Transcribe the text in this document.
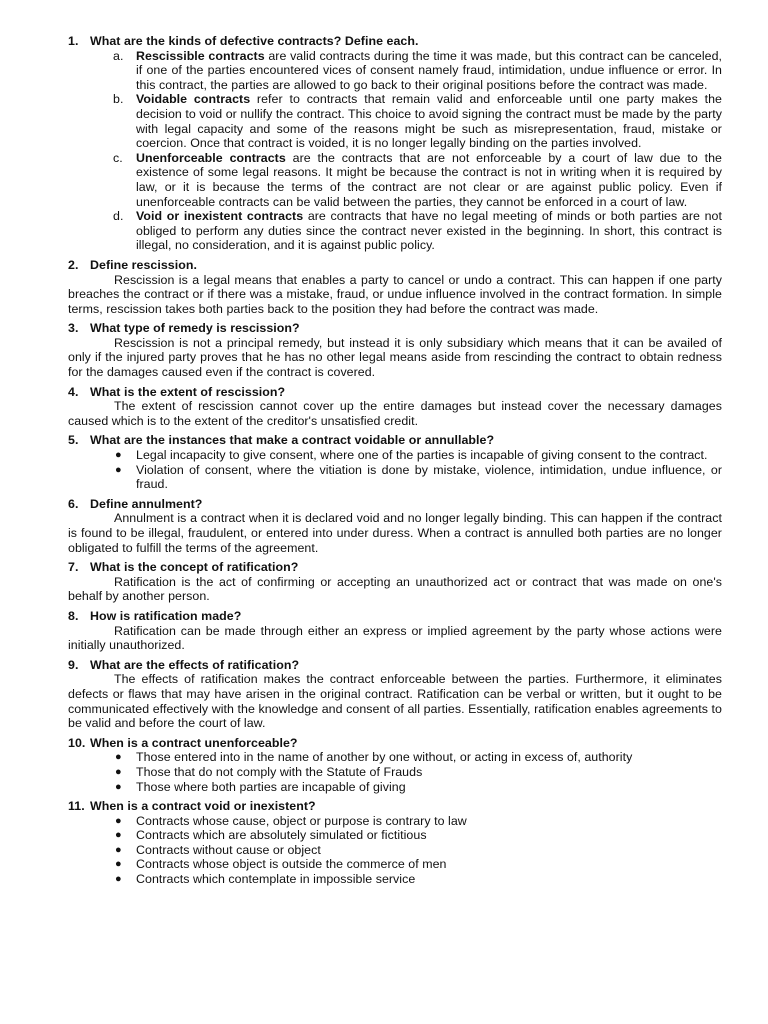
1. What are the kinds of defective contracts? Define each.
a. Rescissible contracts are valid contracts during the time it was made, but this contract can be canceled, if one of the parties encountered vices of consent namely fraud, intimidation, undue influence or error. In this contract, the parties are allowed to go back to their original positions before the contract was made.
b. Voidable contracts refer to contracts that remain valid and enforceable until one party makes the decision to void or nullify the contract. This choice to avoid signing the contract must be made by the party with legal capacity and some of the reasons might be such as misrepresentation, fraud, mistake or coercion. Once that contract is voided, it is no longer legally binding on the parties involved.
c. Unenforceable contracts are the contracts that are not enforceable by a court of law due to the existence of some legal reasons. It might be because the contract is not in writing when it is required by law, or it is because the terms of the contract are not clear or are against public policy. Even if unenforceable contracts can be valid between the parties, they cannot be enforced in a court of law.
d. Void or inexistent contracts are contracts that have no legal meeting of minds or both parties are not obliged to perform any duties since the contract never existed in the beginning. In short, this contract is illegal, no consideration, and it is against public policy.
2. Define rescission.
Rescission is a legal means that enables a party to cancel or undo a contract. This can happen if one party breaches the contract or if there was a mistake, fraud, or undue influence involved in the contract formation. In simple terms, rescission takes both parties back to the position they had before the contract was made.
3. What type of remedy is rescission?
Rescission is not a principal remedy, but instead it is only subsidiary which means that it can be availed of only if the injured party proves that he has no other legal means aside from rescinding the contract to obtain redness for the damages caused even if the contract is covered.
4. What is the extent of rescission?
The extent of rescission cannot cover up the entire damages but instead cover the necessary damages caused which is to the extent of the creditor's unsatisfied credit.
5. What are the instances that make a contract voidable or annullable?
● Legal incapacity to give consent, where one of the parties is incapable of giving consent to the contract.
● Violation of consent, where the vitiation is done by mistake, violence, intimidation, undue influence, or fraud.
6. Define annulment?
Annulment is a contract when it is declared void and no longer legally binding. This can happen if the contract is found to be illegal, fraudulent, or entered into under duress. When a contract is annulled both parties are no longer obligated to fulfill the terms of the agreement.
7. What is the concept of ratification?
Ratification is the act of confirming or accepting an unauthorized act or contract that was made on one's behalf by another person.
8. How is ratification made?
Ratification can be made through either an express or implied agreement by the party whose actions were initially unauthorized.
9. What are the effects of ratification?
The effects of ratification makes the contract enforceable between the parties. Furthermore, it eliminates defects or flaws that may have arisen in the original contract. Ratification can be verbal or written, but it ought to be communicated effectively with the knowledge and consent of all parties. Essentially, ratification enables agreements to be valid and before the court of law.
10. When is a contract unenforceable?
● Those entered into in the name of another by one without, or acting in excess of, authority
● Those that do not comply with the Statute of Frauds
● Those where both parties are incapable of giving
11. When is a contract void or inexistent?
● Contracts whose cause, object or purpose is contrary to law
● Contracts which are absolutely simulated or fictitious
● Contracts without cause or object
● Contracts whose object is outside the commerce of men
● Contracts which contemplate in impossible service
